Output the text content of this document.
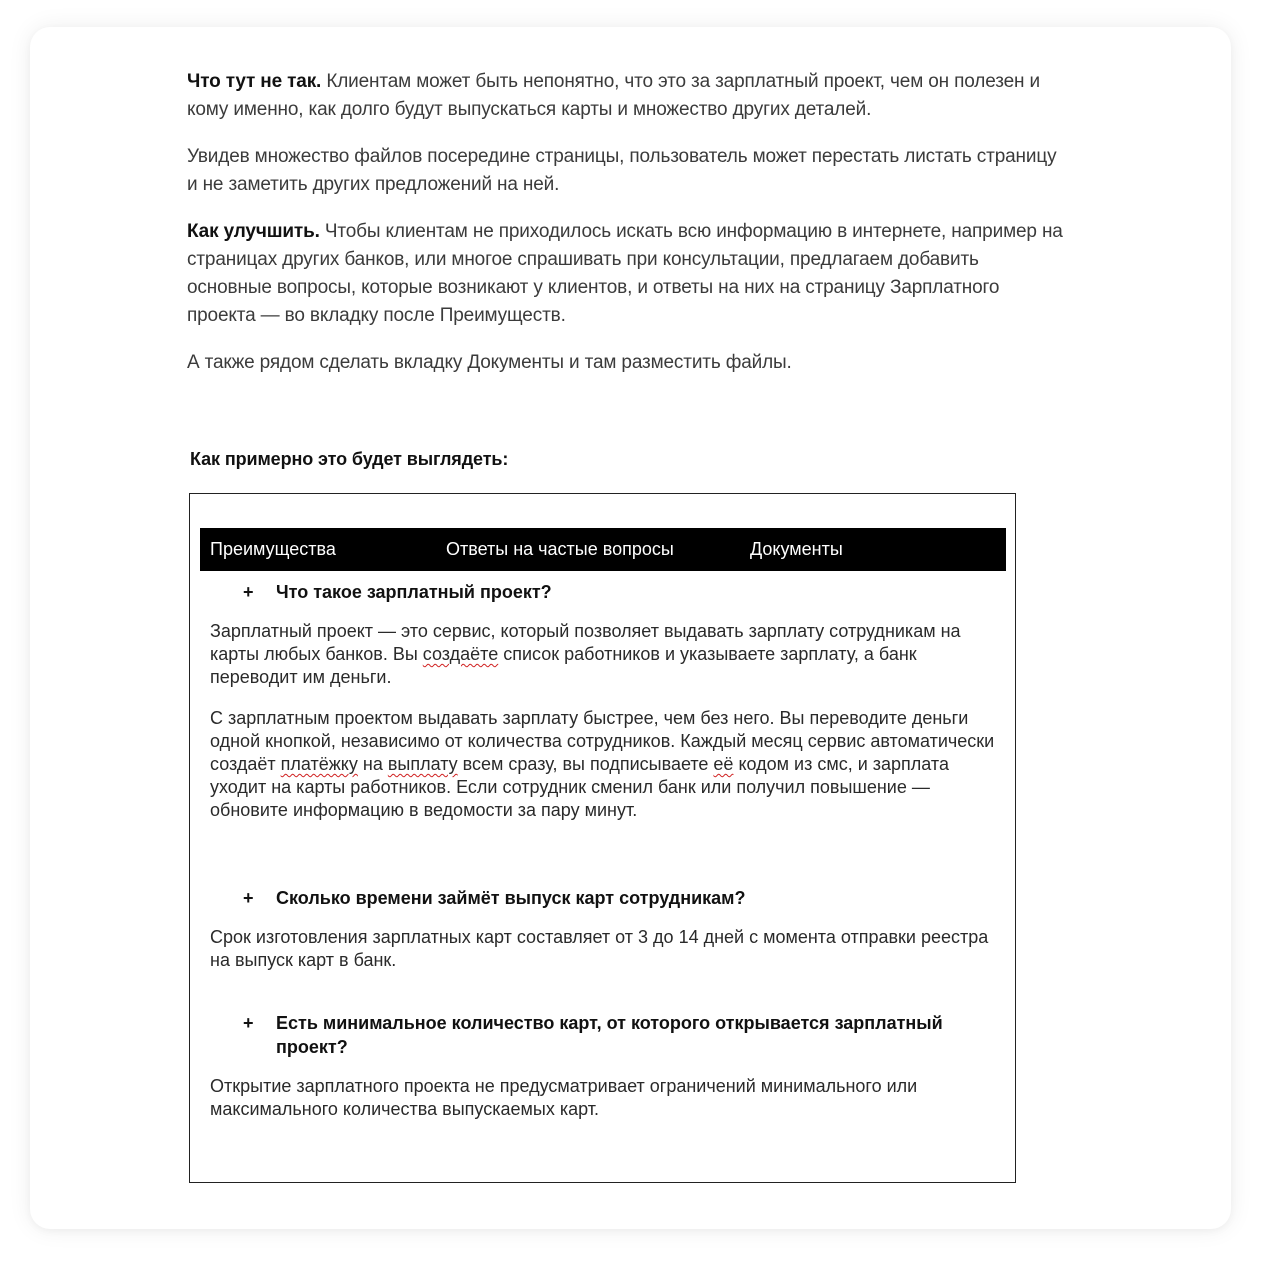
Что тут не так. Клиентам может быть непонятно, что это за зарплатный проект, чем он полезен и кому именно, как долго будут выпускаться карты и множество других деталей.

Увидев множество файлов посередине страницы, пользователь может перестать листать страницу и не заметить других предложений на ней.

Как улучшить. Чтобы клиентам не приходилось искать всю информацию в интернете, например на страницах других банков, или многое спрашивать при консультации, предлагаем добавить основные вопросы, которые возникают у клиентов, и ответы на них на страницу Зарплатного проекта — во вкладку после Преимуществ.

А также рядом сделать вкладку Документы и там разместить файлы.

Как примерно это будет выглядеть:
Преимущества	Ответы на частые вопросы	Документы
+ Что такое зарплатный проект?

Зарплатный проект — это сервис, который позволяет выдавать зарплату сотрудникам на карты любых банков. Вы создаёте список работников и указываете зарплату, а банк переводит им деньги.

С зарплатным проектом выдавать зарплату быстрее, чем без него. Вы переводите деньги одной кнопкой, независимо от количества сотрудников. Каждый месяц сервис автоматически создаёт платёжку на выплату всем сразу, вы подписываете её кодом из смс, и зарплата уходит на карты работников. Если сотрудник сменил банк или получил повышение — обновите информацию в ведомости за пару минут.

+ Сколько времени займёт выпуск карт сотрудникам?

Срок изготовления зарплатных карт составляет от 3 до 14 дней с момента отправки реестра на выпуск карт в банк.

+ Есть минимальное количество карт, от которого открывается зарплатный проект?

Открытие зарплатного проекта не предусматривает ограничений минимального или максимального количества выпускаемых карт.
